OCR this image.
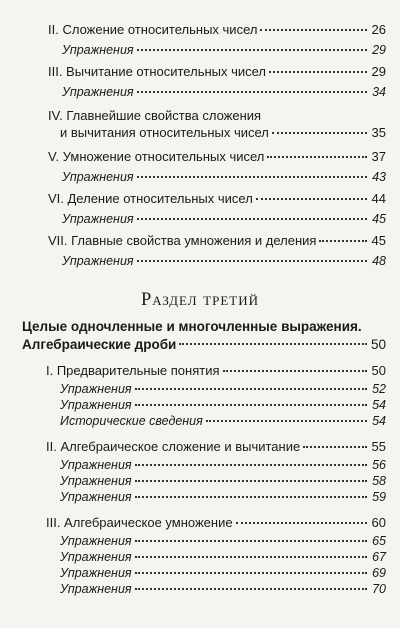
II. Сложение относительных чисел	26
Упражнения	29
III. Вычитание относительных чисел	29
Упражнения	34
IV. Главнейшие свойства сложения
и вычитания относительных чисел	35
V. Умножение относительных чисел	37
Упражнения	43
VI. Деление относительных чисел	44
Упражнения	45
VII. Главные свойства умножения и деления	45
Упражнения	48
Раздел третий
Целые одночленные и многочленные выражения.
Алгебраические дроби	50
I. Предварительные понятия	50
Упражнения	52
Упражнения	54
Исторические сведения	54
II. Алгебраическое сложение и вычитание	55
Упражнения	56
Упражнения	58
Упражнения	59
III. Алгебраическое умножение	60
Упражнения	65
Упражнения	67
Упражнения	69
Упражнения	70
